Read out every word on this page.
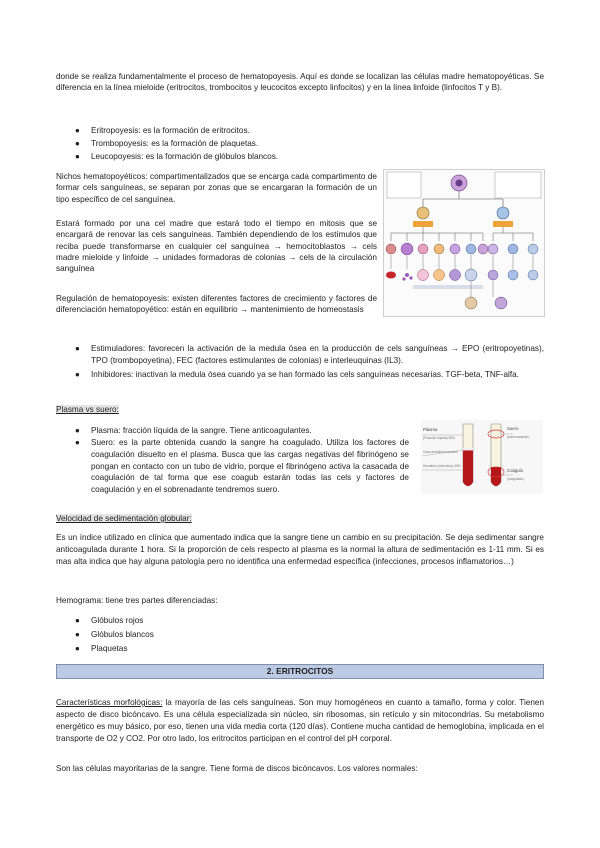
donde se realiza fundamentalmente el proceso de hematopoyesis. Aquí es donde se localizan las células madre hematopoyéticas. Se diferencia en la línea mieloide (eritrocitos, trombocitos y leucocitos excepto linfocitos) y en la línea linfoide (linfocitos T y B).

● Eritropoyesis: es la formación de eritrocitos.
● Trombopoyesis: es la formación de plaquetas.
● Leucopoyesis: es la formación de glóbulos blancos.

Nichos hematopoyéticos: compartimentalizados que se encarga cada compartimento de formar cels sanguíneas, se separan por zonas que se encargaran la formación de un tipo específico de cel sanguínea.

Estará formado por una cel madre que estará todo el tiempo en mitosis que se encargará de renovar las cels sanguíneas. También dependiendo de los estímulos que reciba puede transformarse en cualquier cel sanguínea → hemocitoblastos → cels madre mieloide y linfoide → unidades formadoras de colonias → cels de la circulación sanguínea

Regulación de hematopoyesis: existen diferentes factores de crecimiento y factores de diferenciación hematopoyético: están en equilibrio → mantenimiento de homeostasis

● Estimuladores: favorecen la activación de la medula ósea en la producción de cels sanguíneas → EPO (eritropoyetinas), TPO (trombopoyetina), FEC (factores estimulantes de colonias) e interleuquinas (IL3).

● Inhibidores: inactivan la medula ósea cuando ya se han formado las cels sanguíneas necesarias. TGF-beta, TNF-alfa.

Plasma vs suero:

● Plasma: fracción líquida de la sangre. Tiene anticoagulantes.

● Suero: es la parte obtenida cuando la sangre ha coagulado. Utiliza los factores de coagulación disuelto en el plasma. Busca que las cargas negativas del fibrinógeno se pongan en contacto con un tubo de vidrio, porque el fibrinógeno activa la casacada de coagulación de tal forma que ese coagub estarán todas las cels y factores de coagulación y en el sobrenadante tendremos suero.

Plasma
(Fracción líquida) 55%
Capa amarilla leucocitos
Hematíes (eritrocitos) 45%
Suero
(sobrenadante)
Coágulo
(coagulado)

Velocidad de sedimentación globular:

Es un índice utilizado en clínica que aumentado indica que la sangre tiene un cambio en su precipitación. Se deja sedimentar sangre anticoagulada durante 1 hora. Si la proporción de cels respecto al plasma es la normal la altura de sedimentación es 1-11 mm. Si es mas alta indica que hay alguna patología pero no identifica una enfermedad específica (infecciones, procesos inflamatorios…)

Hemograma: tiene tres partes diferenciadas:

● Glóbulos rojos
● Glóbulos blancos
● Plaquetas
2. ERITROCITOS

Características morfológicas: la mayoría de las cels sanguíneas. Son muy homogéneos en cuanto a tamaño, forma y color. Tienen aspecto de disco bicóncavo. Es una célula especializada sin núcleo, sin ribosomas, sin retículo y sin mitocondrias. Su metabolismo energético es muy básico, por eso, tienen una vida media corta (120 días). Contiene mucha cantidad de hemoglobina, implicada en el transporte de O2 y CO2. Por otro lado, los eritrocitos participan en el control del pH corporal.

Son las células mayoritarias de la sangre. Tiene forma de discos bicóncavos. Los valores normales:
